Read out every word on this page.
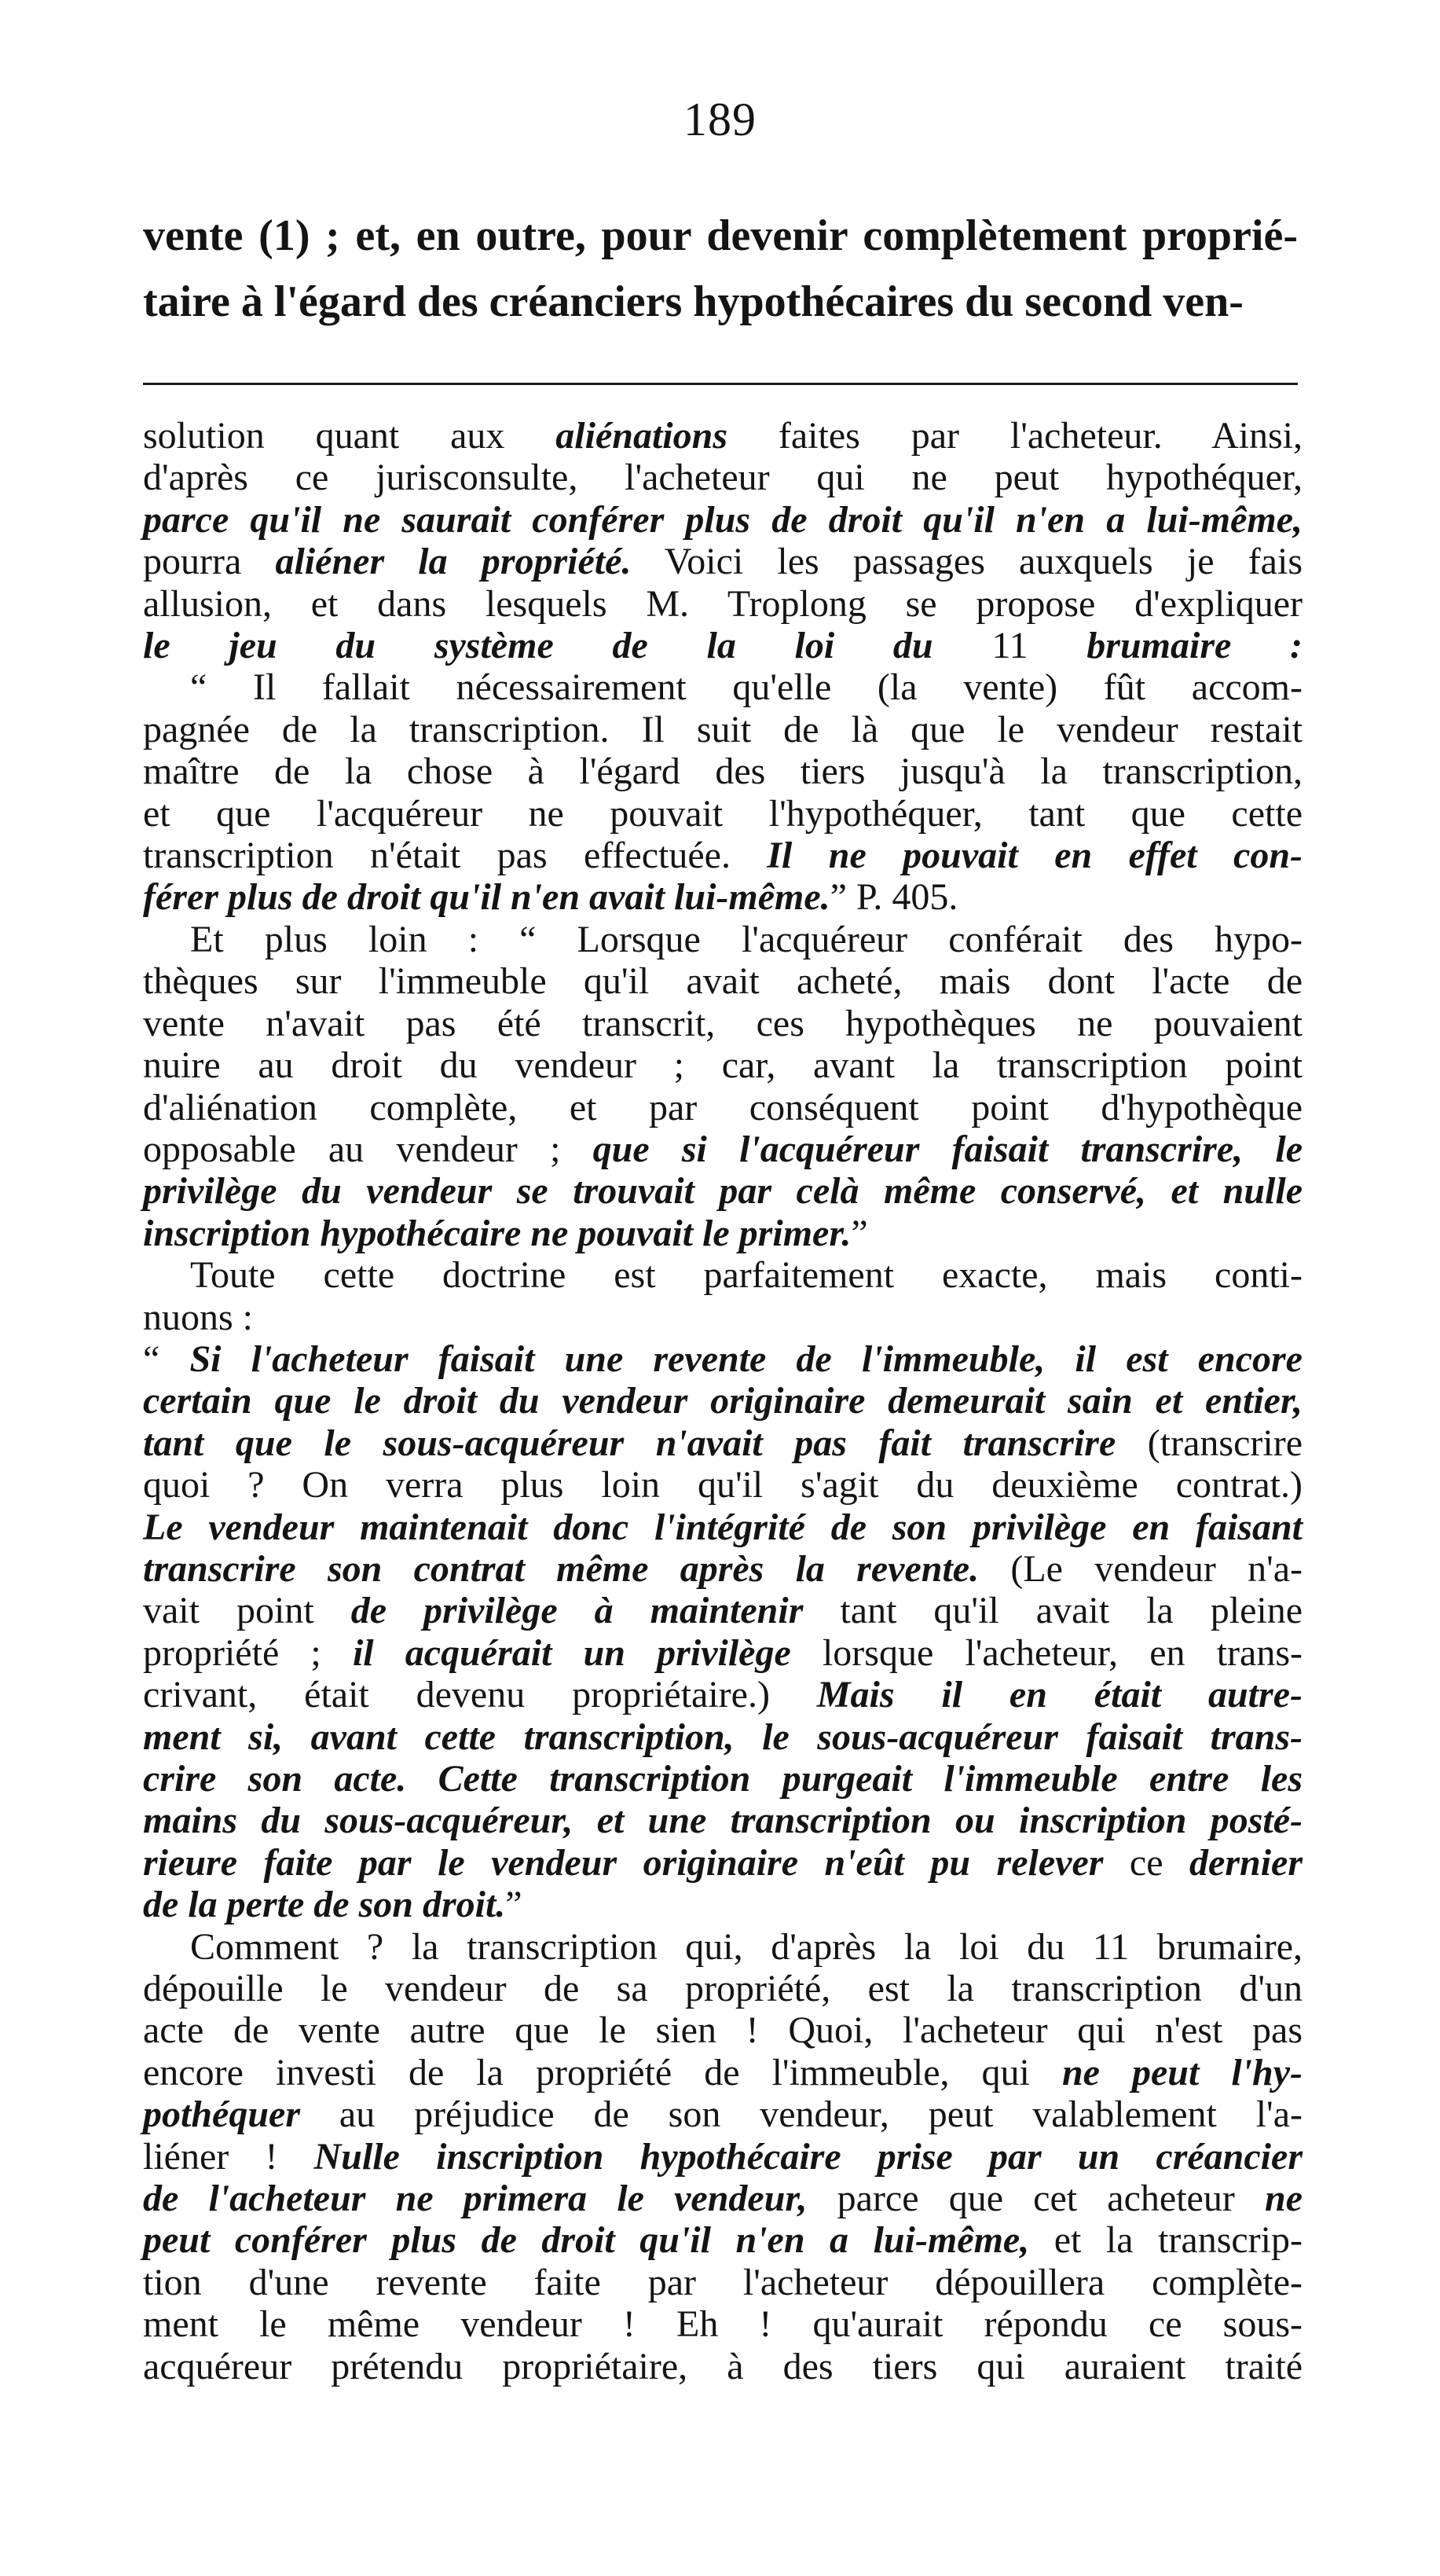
189
vente (1) ; et, en outre, pour devenir complètement proprié-
taire à l'égard des créanciers hypothécaires du second ven-
solution quant aux aliénations faites par l'acheteur. Ainsi,
d'après ce jurisconsulte, l'acheteur qui ne peut hypothéquer,
parce qu'il ne saurait conférer plus de droit qu'il n'en a lui-même,
pourra aliéner la propriété. Voici les passages auxquels je fais
allusion, et dans lesquels M. Troplong se propose d'expliquer
le jeu du système de la loi du 11 brumaire :
“ Il fallait nécessairement qu'elle (la vente) fût accom-
pagnée de la transcription. Il suit de là que le vendeur restait
maître de la chose à l'égard des tiers jusqu'à la transcription,
et que l'acquéreur ne pouvait l'hypothéquer, tant que cette
transcription n'était pas effectuée. Il ne pouvait en effet con-
férer plus de droit qu'il n'en avait lui-même.” P. 405.
Et plus loin : “ Lorsque l'acquéreur conférait des hypo-
thèques sur l'immeuble qu'il avait acheté, mais dont l'acte de
vente n'avait pas été transcrit, ces hypothèques ne pouvaient
nuire au droit du vendeur ; car, avant la transcription point
d'aliénation complète, et par conséquent point d'hypothèque
opposable au vendeur ; que si l'acquéreur faisait transcrire, le
privilège du vendeur se trouvait par celà même conservé, et nulle
inscription hypothécaire ne pouvait le primer.”
Toute cette doctrine est parfaitement exacte, mais conti-
nuons :
“ Si l'acheteur faisait une revente de l'immeuble, il est encore
certain que le droit du vendeur originaire demeurait sain et entier,
tant que le sous-acquéreur n'avait pas fait transcrire (transcrire
quoi ? On verra plus loin qu'il s'agit du deuxième contrat.)
Le vendeur maintenait donc l'intégrité de son privilège en faisant
transcrire son contrat même après la revente. (Le vendeur n'a-
vait point de privilège à maintenir tant qu'il avait la pleine
propriété ; il acquérait un privilège lorsque l'acheteur, en trans-
crivant, était devenu propriétaire.) Mais il en était autre-
ment si, avant cette transcription, le sous-acquéreur faisait trans-
crire son acte. Cette transcription purgeait l'immeuble entre les
mains du sous-acquéreur, et une transcription ou inscription posté-
rieure faite par le vendeur originaire n'eût pu relever ce dernier
de la perte de son droit.”
Comment ? la transcription qui, d'après la loi du 11 brumaire,
dépouille le vendeur de sa propriété, est la transcription d'un
acte de vente autre que le sien ! Quoi, l'acheteur qui n'est pas
encore investi de la propriété de l'immeuble, qui ne peut l'hy-
pothéquer au préjudice de son vendeur, peut valablement l'a-
liéner ! Nulle inscription hypothécaire prise par un créancier
de l'acheteur ne primera le vendeur, parce que cet acheteur ne
peut conférer plus de droit qu'il n'en a lui-même, et la transcrip-
tion d'une revente faite par l'acheteur dépouillera complète-
ment le même vendeur ! Eh ! qu'aurait répondu ce sous-
acquéreur prétendu propriétaire, à des tiers qui auraient traité
